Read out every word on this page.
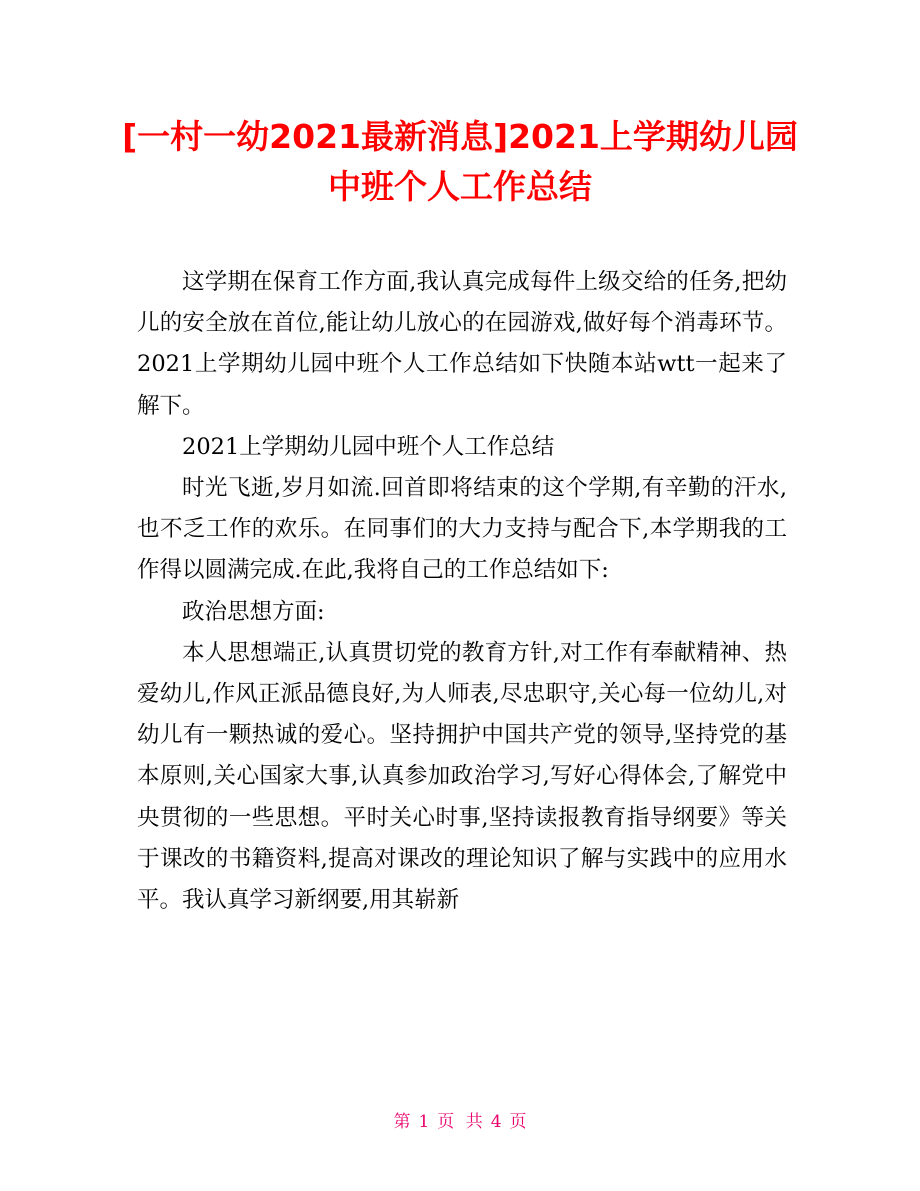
[一村一幼2021最新消息]2021上学期幼儿园
中班个人工作总结

这学期在保育工作方面,我认真完成每件上级交给的任务,把幼儿的安全放在首位,能让幼儿放心的在园游戏,做好每个消毒环节。2021上学期幼儿园中班个人工作总结如下快随本站wtt一起来了解下。

2021上学期幼儿园中班个人工作总结

时光飞逝,岁月如流.回首即将结束的这个学期,有辛勤的汗水,也不乏工作的欢乐。在同事们的大力支持与配合下,本学期我的工作得以圆满完成.在此,我将自己的工作总结如下:

政治思想方面:

本人思想端正,认真贯切党的教育方针,对工作有奉献精神、热爱幼儿,作风正派品德良好,为人师表,尽忠职守,关心每一位幼儿,对幼儿有一颗热诚的爱心。坚持拥护中国共产党的领导,坚持党的基本原则,关心国家大事,认真参加政治学习,写好心得体会,了解党中央贯彻的一些思想。平时关心时事,坚持读报教育指导纲要》等关于课改的书籍资料,提高对课改的理论知识了解与实践中的应用水平。我认真学习新纲要,用其崭新

第 1 页 共 4 页
